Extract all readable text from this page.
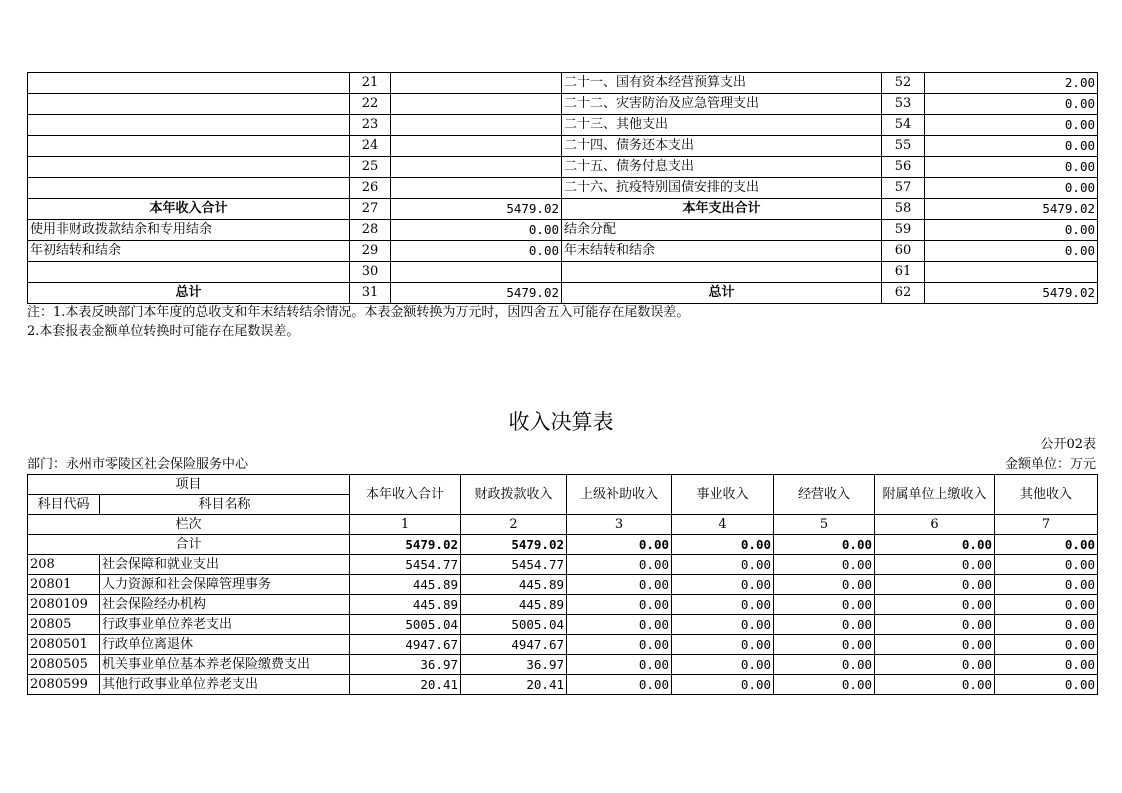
	21		二十一、国有资本经营预算支出	52	2.00
	22		二十二、灾害防治及应急管理支出	53	0.00
	23		二十三、其他支出	54	0.00
	24		二十四、债务还本支出	55	0.00
	25		二十五、债务付息支出	56	0.00
	26		二十六、抗疫特别国债安排的支出	57	0.00
本年收入合计	27	5479.02	本年支出合计	58	5479.02
使用非财政拨款结余和专用结余	28	0.00	结余分配	59	0.00
年初结转和结余	29	0.00	年末结转和结余	60	0.00
	30			61	
总计	31	5479.02	总计	62	5479.02
注：1.本表反映部门本年度的总收支和年末结转结余情况。本表金额转换为万元时，因四舍五入可能存在尾数误差。
2.本套报表金额单位转换时可能存在尾数误差。
收入决算表
公开02表
部门：永州市零陵区社会保险服务中心	金额单位：万元
项目		本年收入合计	财政拨款收入	上级补助收入	事业收入	经营收入	附属单位上缴收入	其他收入
科目代码	科目名称							
栏次		1	2	3	4	5	6	7
合计		5479.02	5479.02	0.00	0.00	0.00	0.00	0.00
208	社会保障和就业支出	5454.77	5454.77	0.00	0.00	0.00	0.00	0.00
20801	人力资源和社会保障管理事务	445.89	445.89	0.00	0.00	0.00	0.00	0.00
2080109	社会保险经办机构	445.89	445.89	0.00	0.00	0.00	0.00	0.00
20805	行政事业单位养老支出	5005.04	5005.04	0.00	0.00	0.00	0.00	0.00
2080501	行政单位离退休	4947.67	4947.67	0.00	0.00	0.00	0.00	0.00
2080505	机关事业单位基本养老保险缴费支出	36.97	36.97	0.00	0.00	0.00	0.00	0.00
2080599	其他行政事业单位养老支出	20.41	20.41	0.00	0.00	0.00	0.00	0.00
